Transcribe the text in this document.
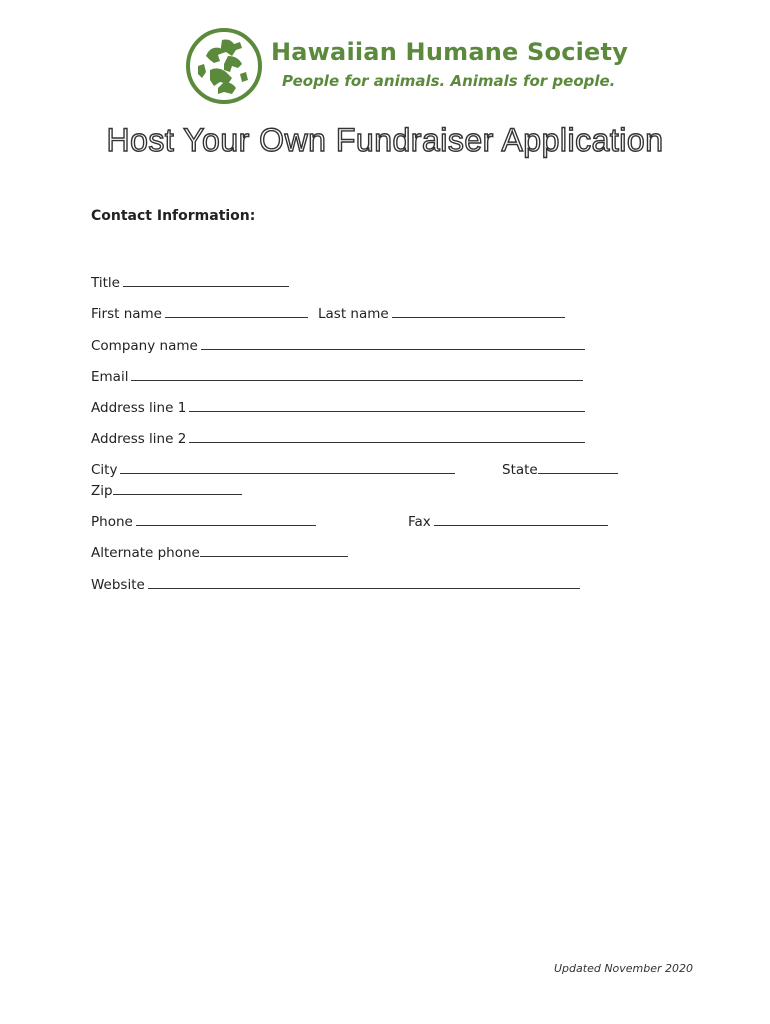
Hawaiian Humane Society
People for animals. Animals for people.
Host Your Own Fundraiser Application
Contact Information:
Title
First name	Last name
Company name
Email
Address line 1
Address line 2
City	State
Zip
Phone	Fax
Alternate phone
Website
Updated November 2020
